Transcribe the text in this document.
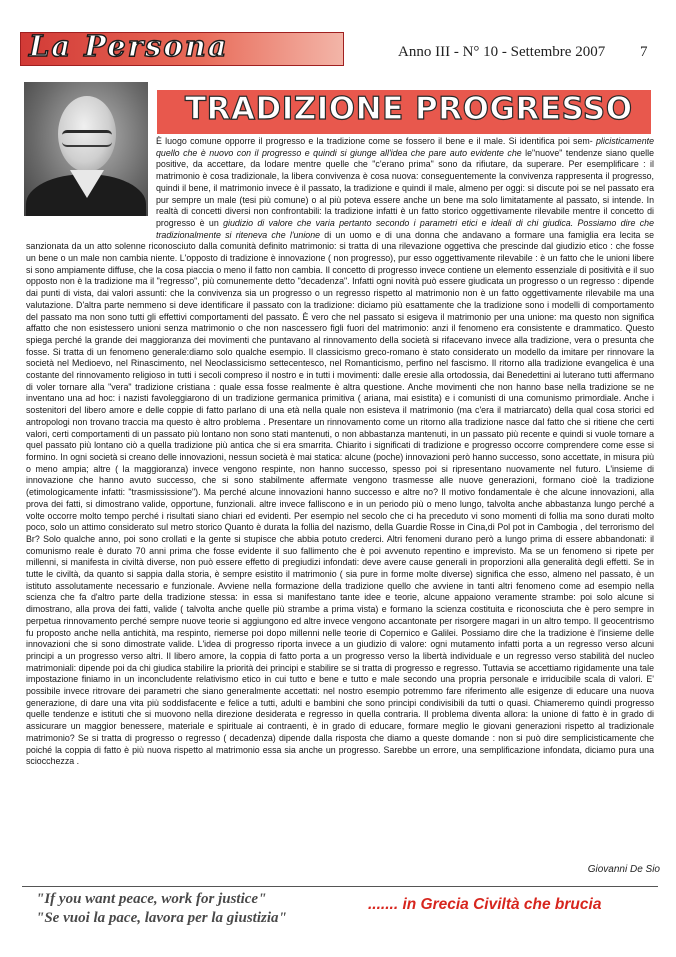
La Persona	Anno III - N° 10 - Settembre 2007	7
TRADIZIONE PROGRESSO
È luogo comune opporre il progresso e la tradizione come se fossero il bene e il male. Si identifica poi sem- plicisticamente quello che è nuovo con il progresso e quindi si giunge all'idea che pare auto evidente che le"nuove" tendenze siano quelle positive, da accettare, da lodare mentre quelle che "c'erano prima" sono da rifiutare, da superare. Per esemplificare : il matrimonio è cosa tradizionale, la libera convivenza è cosa nuova: conseguentemente la convivenza rappresenta il progresso, quindi il bene, il matrimonio invece è il passato, la tradizione e quindi il male, almeno per oggi: si discute poi se nel passato era pur sempre un male (tesi più comune) o al più poteva essere anche un bene ma solo limitatamente al passato, si intende. In realtà di concetti diversi non confrontabili: la tradizione infatti è un fatto storico oggettivamente rilevabile mentre il concetto di progresso è un giudizio di valore che varia pertanto secondo i parametri etici e ideali di chi giudica. Possiamo dire che tradizionalmente si riteneva che l'unione di un uomo e di una donna che andavano a formare una famiglia era lecita se sanzionata da un atto solenne riconosciuto dalla comunità definito matrimonio: si tratta di una rilevazione oggettiva che prescinde dal giudizio etico : che fosse un bene o un male non cambia niente. L'opposto di tradizione è innovazione ( non progresso), pur esso oggettivamente rilevabile : è un fatto che le unioni libere si sono ampiamente diffuse, che la cosa piaccia o meno il fatto non cambia. Il concetto di progresso invece contiene un elemento essenziale di positività e il suo opposto non è la tradizione ma il "regresso", più comunemente detto "decadenza". Infatti ogni novità può essere giudicata un progresso o un regresso : dipende dai punti di vista, dai valori assunti: che la convivenza sia un progresso o un regresso rispetto al matrimonio non è un fatto oggettivamente rilevabile ma una valutazione. D'altra parte nemmeno si deve identificare il passato con la tradizione: diciamo più esattamente che la tradizione sono i modelli di comportamento del passato ma non sono tutti gli effettivi comportamenti del passato. È vero che nel passato si esigeva il matrimonio per una unione: ma questo non significa affatto che non esistessero unioni senza matrimonio o che non nascessero figli fuori del matrimonio: anzi il fenomeno era consistente e drammatico. Questo spiega perché la grande dei maggioranza dei movimenti che puntavano al rinnovamento della società si rifacevano invece alla tradizione, vera o presunta che fosse. Si tratta di un fenomeno generale:diamo solo qualche esempio. Il classicismo greco-romano è stato considerato un modello da imitare per rinnovare la società nel Medioevo, nel Rinascimento, nel Neoclassicismo settecentesco, nel Romanticismo, perfino nel fascismo. Il ritorno alla tradizione evangelica è una costante del rinnovamento religioso in tutti i secoli compreso il nostro e in tutti i movimenti: dalle eresie alla ortodossia, dai Benedettini ai luterano tutti affermano di voler tornare alla "vera" tradizione cristiana : quale essa fosse realmente è altra questione. Anche movimenti che non hanno base nella tradizione se ne inventano una ad hoc: i nazisti favoleggiarono di un tradizione germanica primitiva ( ariana, mai esistita) e i comunisti di una comunismo primordiale. Anche i sostenitori del libero amore e delle coppie di fatto parlano di una età nella quale non esisteva il matrimonio (ma c'era il matriarcato) della qual cosa storici ed antropologi non trovano traccia ma questo è altro problema . Presentare un rinnovamento come un ritorno alla tradizione nasce dal fatto che si ritiene che certi valori, certi comportamenti di un passato più lontano non sono stati mantenuti, o non abbastanza mantenuti, in un passato più recente e quindi si vuole tornare a quel passato più lontano ciò a quella tradizione più antica che si era smarrita. Chiarito i significati di tradizione e progresso occorre comprendere come esse si formino. In ogni società si creano delle innovazioni, nessun società è mai statica: alcune (poche) innovazioni però hanno successo, sono accettate, in misura più o meno ampia; altre ( la maggioranza) invece vengono respinte, non hanno successo, spesso poi si ripresentano nuovamente nel futuro. L'insieme di innovazione che hanno avuto successo, che si sono stabilmente affermate vengono trasmesse alle nuove generazioni, formano cioè la tradizione (etimologicamente infatti: "trasmississione"). Ma perché alcune innovazioni hanno successo e altre no? Il motivo fondamentale è che alcune innovazioni, alla prova dei fatti, si dimostrano valide, opportune, funzionali. altre invece falliscono e in un periodo più o meno lungo, talvolta anche abbastanza lungo perché a volte occorre molto tempo perché i risultati siano chiari ed evidenti. Per esempio nel secolo che ci ha preceduto vi sono momenti di follia ma sono durati molto poco, solo un attimo considerato sul metro storico Quanto è durata la follia del nazismo, della Guardie Rosse in Cina,di Pol pot in Cambogia , del terrorismo del Br? Solo qualche anno, poi sono crollati e la gente si stupisce che abbia potuto crederci. Altri fenomeni durano però a lungo prima di essere abbandonati: il comunismo reale è durato 70 anni prima che fosse evidente il suo fallimento che è poi avvenuto repentino e imprevisto. Ma se un fenomeno si ripete per millenni, si manifesta in civiltà diverse, non può essere effetto di pregiudizi infondati: deve avere cause generali in proporzioni alla generalità degli effetti. Se in tutte le civiltà, da quanto si sappia dalla storia, è sempre esistito il matrimonio ( sia pure in forme molte diverse) significa che esso, almeno nel passato, è un istituto assolutamente necessario e funzionale. Avviene nella formazione della tradizione quello che avviene in tanti altri fenomeno come ad esempio nella scienza che fa d'altro parte della tradizione stessa: in essa si manifestano tante idee e teorie, alcune appaiono veramente strambe: poi solo alcune si dimostrano, alla prova dei fatti, valide ( talvolta anche quelle più strambe a prima vista) e formano la scienza costituita e riconosciuta che è pero sempre in perpetua rinnovamento perché sempre nuove teorie si aggiungono ed altre invece vengono accantonate per risorgere magari in un altro tempo. Il geocentrismo fu proposto anche nella antichità, ma respinto, riemerse poi dopo millenni nelle teorie di Copernico e Galilei. Possiamo dire che la tradizione è l'insieme delle innovazioni che si sono dimostrate valide. L'idea di progresso riporta invece a un giudizio di valore: ogni mutamento infatti porta a un regresso verso alcuni principi a un progresso verso altri. Il libero amore, la coppia di fatto porta a un progresso verso la libertà individuale e un regresso verso stabilità del nucleo matrimoniali: dipende poi da chi giudica stabilire la priorità dei principi e stabilire se si tratta di progresso e regresso. Tuttavia se accettiamo rigidamente una tale impostazione finiamo in un inconcludente relativismo etico in cui tutto e bene e tutto e male secondo una propria personale e irriducibile scala di valori. E' possibile invece ritrovare dei parametri che siano generalmente accettati: nel nostro esempio potremmo fare riferimento alle esigenze di educare una nuova generazione, di dare una vita più soddisfacente e felice a tutti, adulti e bambini che sono principi condivisibili da tutti o quasi. Chiameremo quindi progresso quelle tendenze e istituti che si muovono nella direzione desiderata e regresso in quella contraria. Il problema diventa allora: la unione di fatto è in grado di assicurare un maggior benessere, materiale e spirituale ai contraenti, è in grado di educare, formare meglio le giovani generazioni rispetto al tradizionale matrimonio? Se si tratta di progresso o regresso ( decadenza) dipende dalla risposta che diamo a queste domande : non si può dire semplicisticamente che poiché la coppia di fatto è più nuova rispetto al matrimonio essa sia anche un progresso. Sarebbe un errore, una semplificazione infondata, diciamo pura una sciocchezza .
Giovanni De Sio
"If you want peace, work for justice"
"Se vuoi la pace, lavora per la giustizia"
....... in Grecia Civiltà che brucia
